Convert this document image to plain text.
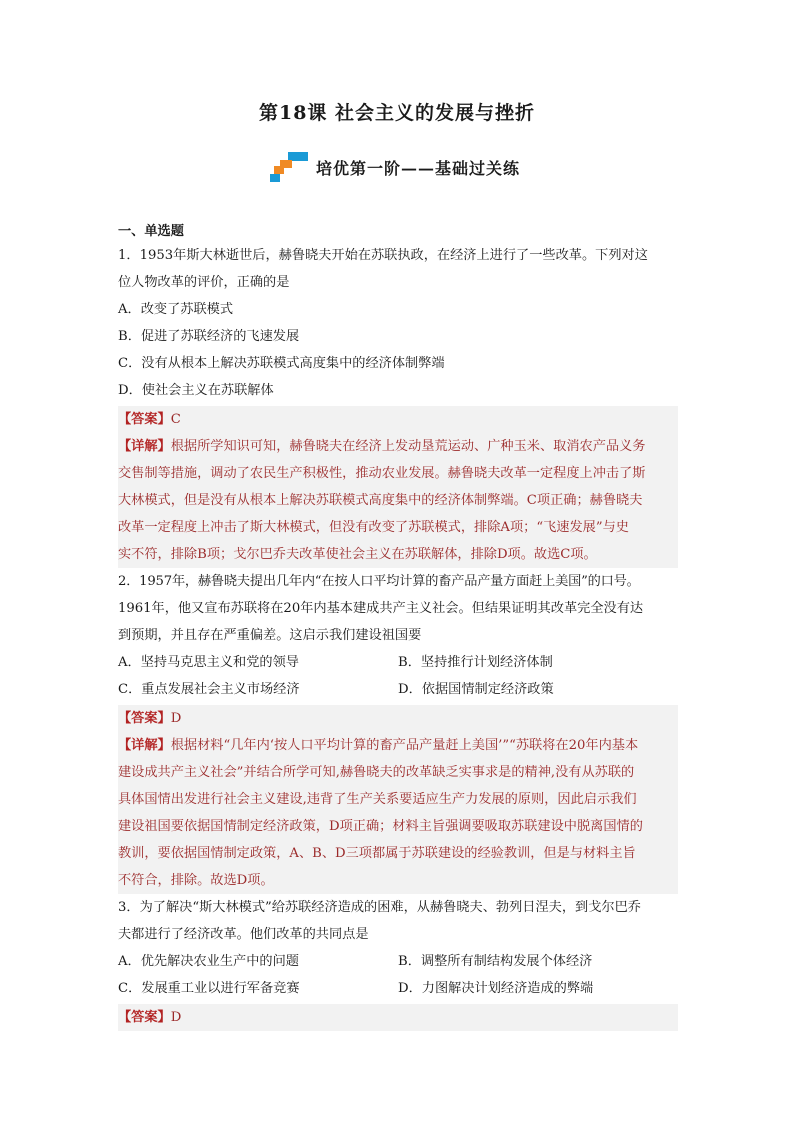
第18课 社会主义的发展与挫折
培优第一阶——基础过关练
一、单选题

1．1953年斯大林逝世后，赫鲁晓夫开始在苏联执政，在经济上进行了一些改革。下列对这

位人物改革的评价，正确的是

A．改变了苏联模式

B．促进了苏联经济的飞速发展

C．没有从根本上解决苏联模式高度集中的经济体制弊端

D．使社会主义在苏联解体

【答案】C

【详解】根据所学知识可知，赫鲁晓夫在经济上发动垦荒运动、广种玉米、取消农产品义务

交售制等措施，调动了农民生产积极性，推动农业发展。赫鲁晓夫改革一定程度上冲击了斯

大林模式，但是没有从根本上解决苏联模式高度集中的经济体制弊端。C项正确；赫鲁晓夫

改革一定程度上冲击了斯大林模式，但没有改变了苏联模式，排除A项；“飞速发展”与史

实不符，排除B项；戈尔巴乔夫改革使社会主义在苏联解体，排除D项。故选C项。

2．1957年，赫鲁晓夫提出几年内“在按人口平均计算的畜产品产量方面赶上美国”的口号。

1961年，他又宣布苏联将在20年内基本建成共产主义社会。但结果证明其改革完全没有达

到预期，并且存在严重偏差。这启示我们建设祖国要

A．坚持马克思主义和党的领导	B．坚持推行计划经济体制
C．重点发展社会主义市场经济	D．依据国情制定经济政策

【答案】D

【详解】根据材料“几年内‘按人口平均计算的畜产品产量赶上美国’”“苏联将在20年内基本

建设成共产主义社会”并结合所学可知,赫鲁晓夫的改革缺乏实事求是的精神,没有从苏联的

具体国情出发进行社会主义建设,违背了生产关系要适应生产力发展的原则，因此启示我们

建设祖国要依据国情制定经济政策，D项正确；材料主旨强调要吸取苏联建设中脱离国情的

教训，要依据国情制定政策，A、B、D三项都属于苏联建设的经验教训，但是与材料主旨

不符合，排除。故选D项。

3．为了解决“斯大林模式”给苏联经济造成的困难，从赫鲁晓夫、勃列日涅夫，到戈尔巴乔

夫都进行了经济改革。他们改革的共同点是

A．优先解决农业生产中的问题	B．调整所有制结构发展个体经济
C．发展重工业以进行军备竞赛	D．力图解决计划经济造成的弊端

【答案】D
